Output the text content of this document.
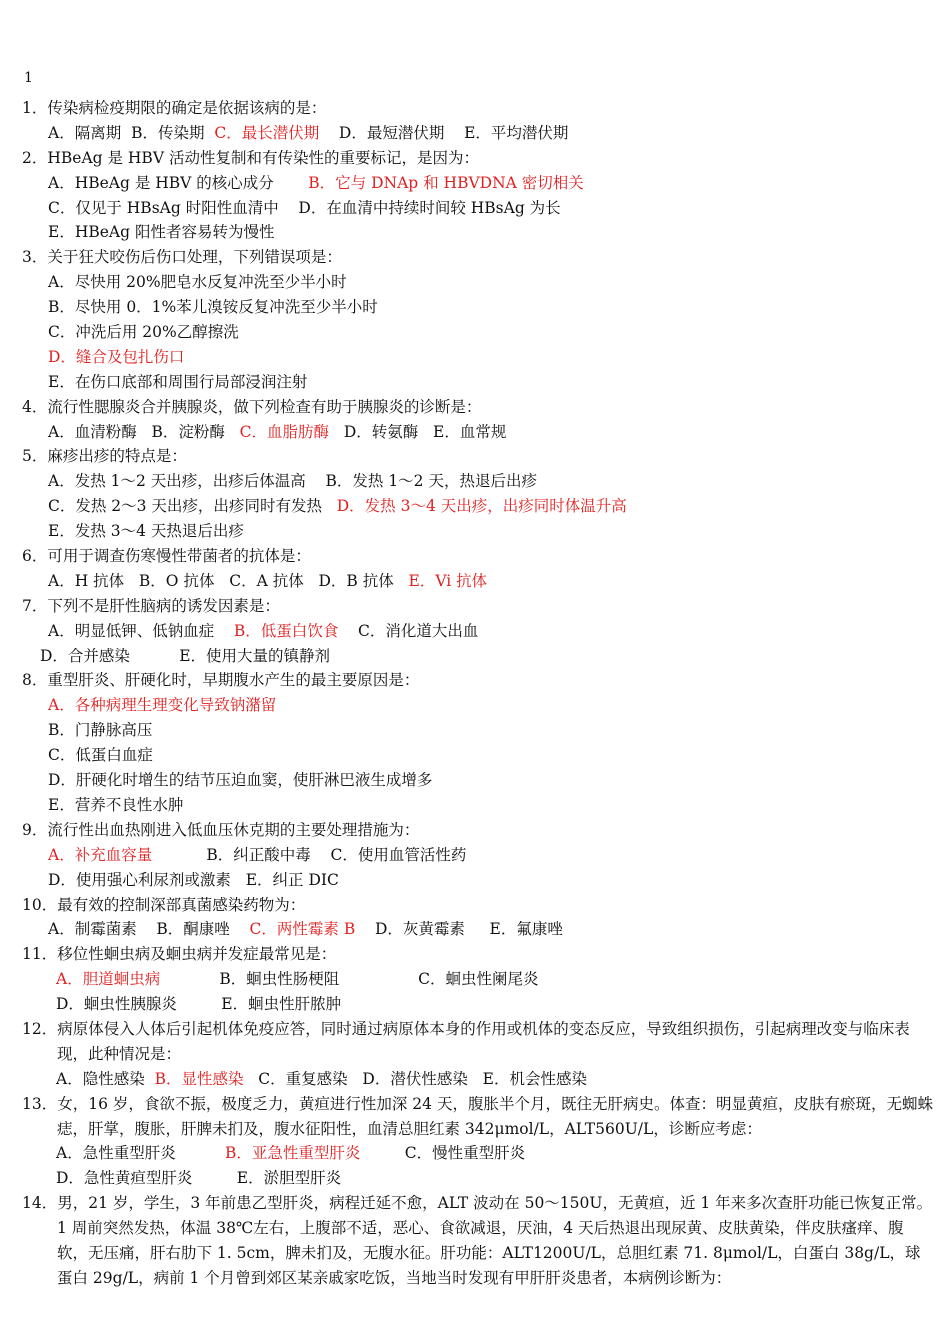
1
1．传染病检疫期限的确定是依据该病的是：
A．隔离期 B．传染期 C．最长潜伏期 D．最短潜伏期 E．平均潜伏期
2．HBeAg 是 HBV 活动性复制和有传染性的重要标记，是因为：
A．HBeAg 是 HBV 的核心成分 B．它与 DNAp 和 HBVDNA 密切相关
C．仅见于 HBsAg 时阳性血清中 D．在血清中持续时间较 HBsAg 为长
E．HBeAg 阳性者容易转为慢性
3．关于狂犬咬伤后伤口处理，下列错误项是：
A．尽快用 20%肥皂水反复冲洗至少半小时
B．尽快用 0．1%苯儿溴铵反复冲洗至少半小时
C．冲洗后用 20%乙醇擦洗
D．缝合及包扎伤口
E．在伤口底部和周围行局部浸润注射
4．流行性腮腺炎合并胰腺炎，做下列检查有助于胰腺炎的诊断是：
A．血清粉酶 B．淀粉酶 C．血脂肪酶 D．转氨酶 E．血常规
5．麻疹出疹的特点是：
A．发热 1～2 天出疹，出疹后体温高 B．发热 1～2 天，热退后出疹
C．发热 2～3 天出疹，出疹同时有发热 D．发热 3～4 天出疹，出疹同时体温升高
E．发热 3～4 天热退后出疹
6．可用于调查伤寒慢性带菌者的抗体是：
A．H 抗体 B．O 抗体 C．A 抗体 D．B 抗体 E．Vi 抗体
7．下列不是肝性脑病的诱发因素是：
A．明显低钾、低钠血症 B．低蛋白饮食 C．消化道大出血
D．合并感染	E．使用大量的镇静剂
8．重型肝炎、肝硬化时，早期腹水产生的最主要原因是：
A．各种病理生理变化导致钠潴留
B．门静脉高压
C．低蛋白血症
D．肝硬化时增生的结节压迫血窦，使肝淋巴液生成增多
E．营养不良性水肿
9．流行性出血热刚进入低血压休克期的主要处理措施为：
A．补充血容量	B．纠正酸中毒 C．使用血管活性药
D．使用强心利尿剂或激素 E．纠正 DIC
10．最有效的控制深部真菌感染药物为：
A．制霉菌素 B．酮康唑 C．两性霉素 B D．灰黄霉素 E．氟康唑
11．移位性蛔虫病及蛔虫病并发症最常见是：
A．胆道蛔虫病	B．蛔虫性肠梗阻	C．蛔虫性阑尾炎
D．蛔虫性胰腺炎	E．蛔虫性肝脓肿
12．病原体侵入人体后引起机体免疫应答，同时通过病原体本身的作用或机体的变态反应，导致组织损伤，引起病理改变与临床表现，此种情况是：
A．隐性感染 B．显性感染 C．重复感染 D．潜伏性感染 E．机会性感染
13．女，16 岁，食欲不振，极度乏力，黄疸进行性加深 24 天，腹胀半个月，既往无肝病史。体查：明显黄疸，皮肤有瘀斑，无蜘蛛痣，肝掌，腹胀，肝脾未扪及，腹水征阳性，血清总胆红素 342μmol/L，ALT560U/L，诊断应考虑：
A．急性重型肝炎	B．亚急性重型肝炎	C．慢性重型肝炎
D．急性黄疸型肝炎	E．淤胆型肝炎
14．男，21 岁，学生，3 年前患乙型肝炎，病程迁延不愈，ALT 波动在 50～150U，无黄疸，近 1 年来多次查肝功能已恢复正常。1 周前突然发热，体温 38℃左右，上腹部不适，恶心、食欲减退，厌油，4 天后热退出现尿黄、皮肤黄染，伴皮肤瘙痒、腹软，无压痛，肝右肋下 1. 5cm，脾未扪及，无腹水征。肝功能：ALT1200U/L，总胆红素 71. 8μmol/L，白蛋白 38g/L，球蛋白 29g/L，病前 1 个月曾到郊区某亲戚家吃饭，当地当时发现有甲肝肝炎患者，本病例诊断为：
